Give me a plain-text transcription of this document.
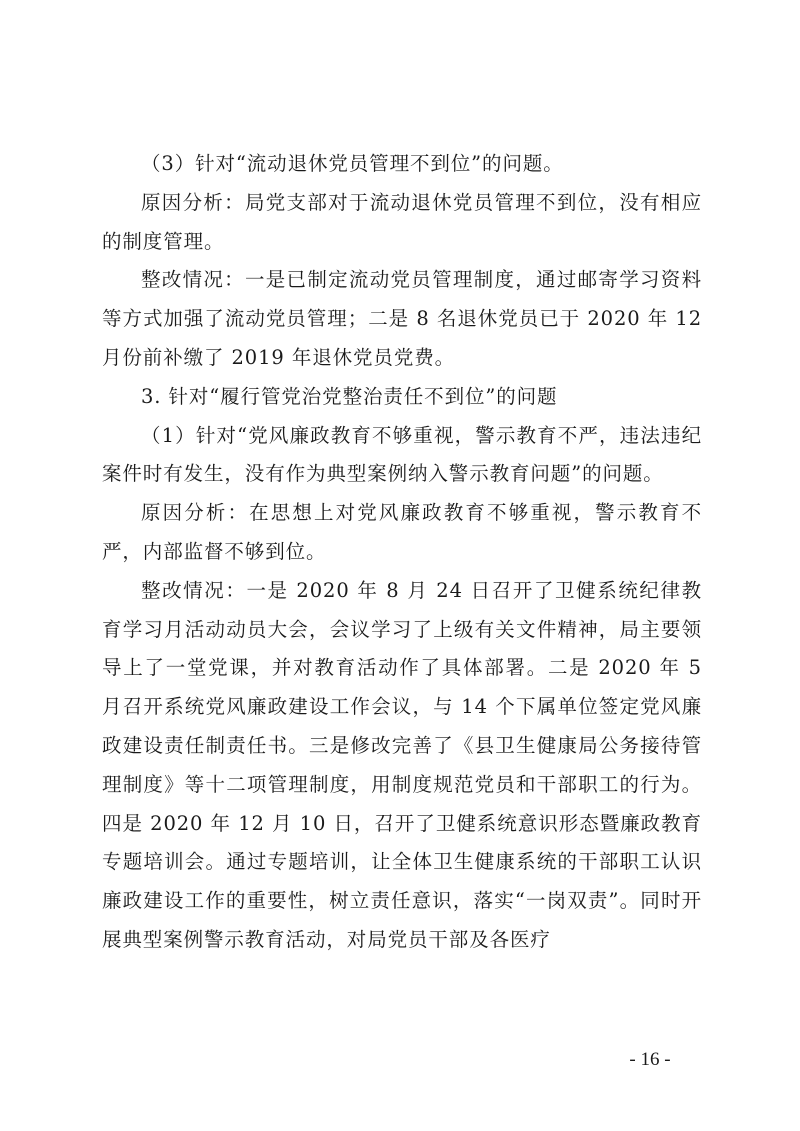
（3）针对“流动退休党员管理不到位”的问题。

原因分析：局党支部对于流动退休党员管理不到位，没有相应的制度管理。

整改情况：一是已制定流动党员管理制度，通过邮寄学习资料等方式加强了流动党员管理；二是 8 名退休党员已于 2020 年 12 月份前补缴了 2019 年退休党员党费。

3. 针对“履行管党治党整治责任不到位”的问题

（1）针对“党风廉政教育不够重视，警示教育不严，违法违纪案件时有发生，没有作为典型案例纳入警示教育问题”的问题。

原因分析：在思想上对党风廉政教育不够重视，警示教育不严，内部监督不够到位。

整改情况：一是 2020 年 8 月 24 日召开了卫健系统纪律教育学习月活动动员大会，会议学习了上级有关文件精神，局主要领导上了一堂党课，并对教育活动作了具体部署。二是 2020 年 5 月召开系统党风廉政建设工作会议，与 14 个下属单位签定党风廉政建设责任制责任书。三是修改完善了《县卫生健康局公务接待管理制度》等十二项管理制度，用制度规范党员和干部职工的行为。四是 2020 年 12 月 10 日，召开了卫健系统意识形态暨廉政教育专题培训会。通过专题培训，让全体卫生健康系统的干部职工认识廉政建设工作的重要性，树立责任意识，落实“一岗双责”。同时开展典型案例警示教育活动，对局党员干部及各医疗

- 16 -
